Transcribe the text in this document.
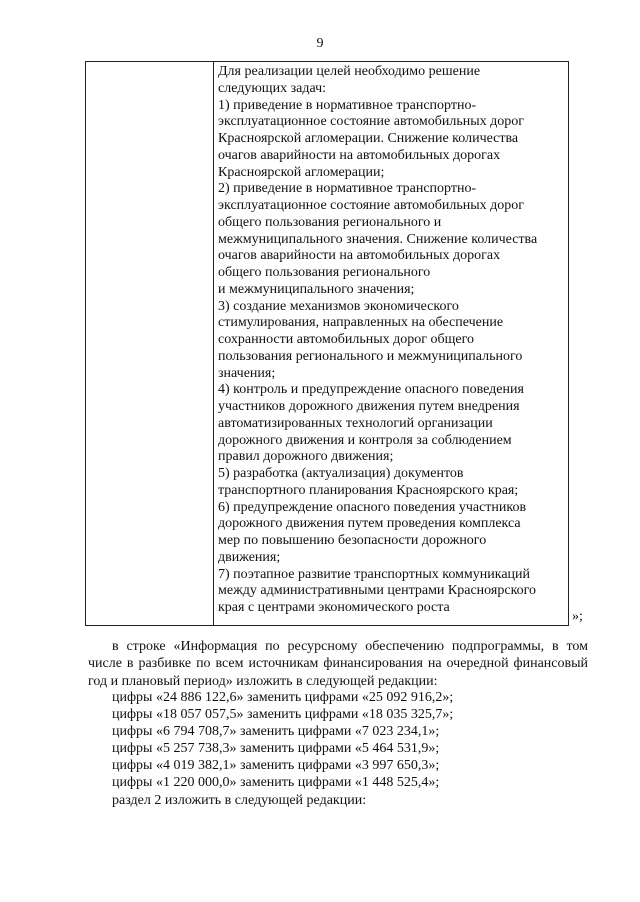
9
Для реализации целей необходимо решение
следующих задач:
1) приведение в нормативное транспортно-
эксплуатационное состояние автомобильных дорог
Красноярской агломерации. Снижение количества
очагов аварийности на автомобильных дорогах
Красноярской агломерации;
2) приведение в нормативное транспортно-
эксплуатационное состояние автомобильных дорог
общего пользования регионального и
межмуниципального значения. Снижение количества
очагов аварийности на автомобильных дорогах
общего пользования регионального
и межмуниципального значения;
3) создание механизмов экономического
стимулирования, направленных на обеспечение
сохранности автомобильных дорог общего
пользования регионального и межмуниципального
значения;
4) контроль и предупреждение опасного поведения
участников дорожного движения путем внедрения
автоматизированных технологий организации
дорожного движения и контроля за соблюдением
правил дорожного движения;
5) разработка (актуализация) документов
транспортного планирования Красноярского края;
6) предупреждение опасного поведения участников
дорожного движения путем проведения комплекса
мер по повышению безопасности дорожного
движения;
7) поэтапное развитие транспортных коммуникаций
между административными центрами Красноярского
края с центрами экономического роста
»;
в строке «Информация по ресурсному обеспечению подпрограммы, в том числе в разбивке по всем источникам финансирования на очередной финансовый год и плановый период» изложить в следующей редакции:
цифры «24 886 122,6» заменить цифрами «25 092 916,2»;
цифры «18 057 057,5» заменить цифрами «18 035 325,7»;
цифры «6 794 708,7» заменить цифрами «7 023 234,1»;
цифры «5 257 738,3» заменить цифрами «5 464 531,9»;
цифры «4 019 382,1» заменить цифрами «3 997 650,3»;
цифры «1 220 000,0» заменить цифрами «1 448 525,4»;
раздел 2 изложить в следующей редакции:
